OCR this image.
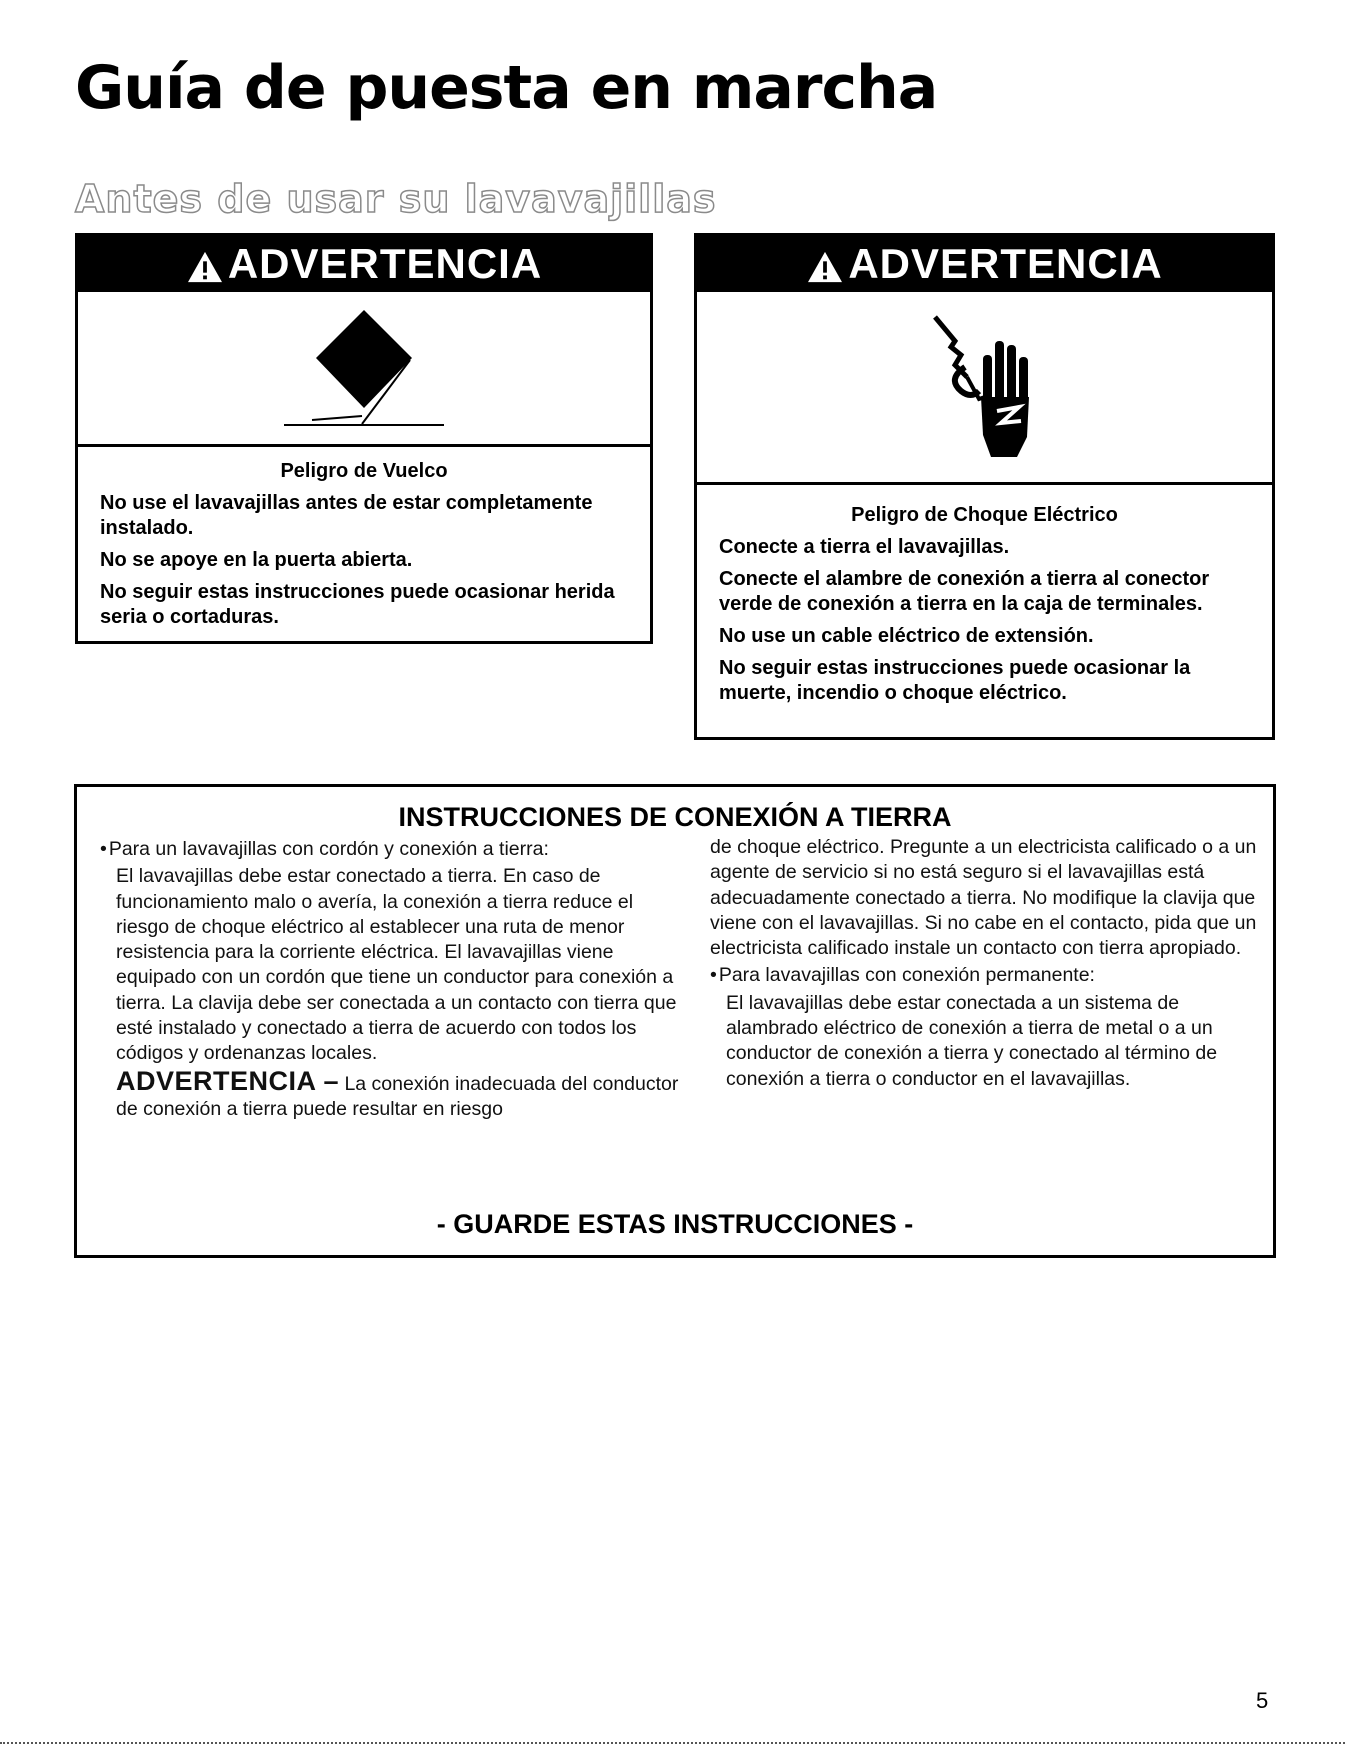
Guía de puesta en marcha
Antes de usar su lavavajillas
ADVERTENCIA

Peligro de Vuelco

No use el lavavajillas antes de estar completamente instalado.

No se apoye en la puerta abierta.

No seguir estas instrucciones puede ocasionar herida seria o cortaduras.

ADVERTENCIA

Peligro de Choque Eléctrico

Conecte a tierra el lavavajillas.

Conecte el alambre de conexión a tierra al conector verde de conexión a tierra en la caja de terminales.

No use un cable eléctrico de extensión.

No seguir estas instrucciones puede ocasionar la muerte, incendio o choque eléctrico.

INSTRUCCIONES DE CONEXIÓN A TIERRA

• Para un lavavajillas con cordón y conexión a tierra:

El lavavajillas debe estar conectado a tierra. En caso de funcionamiento malo o avería, la conexión a tierra reduce el riesgo de choque eléctrico al establecer una ruta de menor resistencia para la corriente eléctrica. El lavavajillas viene equipado con un cordón que tiene un conductor para conexión a tierra. La clavija debe ser conectada a un contacto con tierra que esté instalado y conectado a tierra de acuerdo con todos los códigos y ordenanzas locales.

ADVERTENCIA – La conexión inadecuada del conductor de conexión a tierra puede resultar en riesgo

de choque eléctrico. Pregunte a un electricista calificado o a un agente de servicio si no está seguro si el lavavajillas está adecuadamente conectado a tierra. No modifique la clavija que viene con el lavavajillas. Si no cabe en el contacto, pida que un electricista calificado instale un contacto con tierra apropiado.

• Para lavavajillas con conexión permanente:

El lavavajillas debe estar conectada a un sistema de alambrado eléctrico de conexión a tierra de metal o a un conductor de conexión a tierra y conectado al término de conexión a tierra o conductor en el lavavajillas.

- GUARDE ESTAS INSTRUCCIONES -

5
